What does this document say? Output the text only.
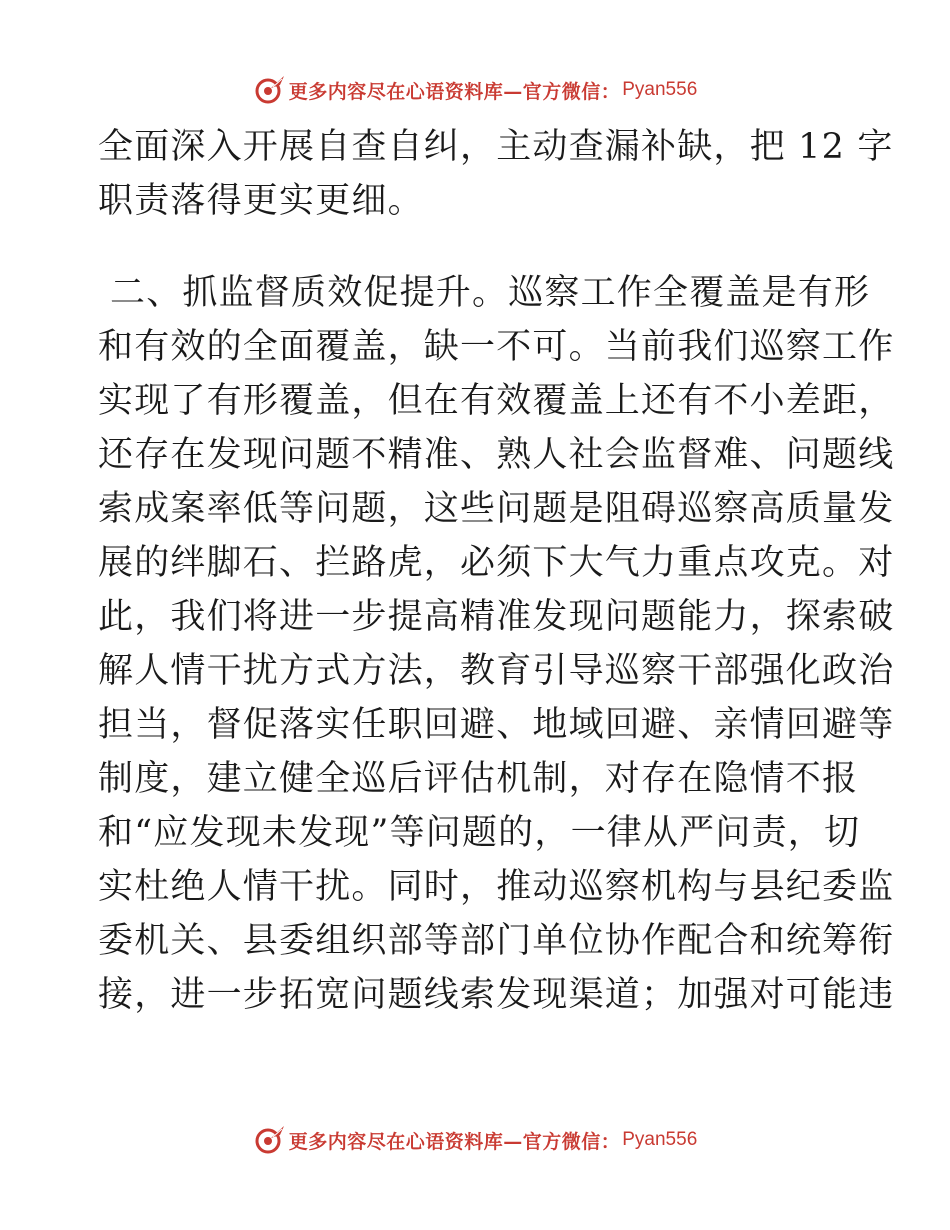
更多内容尽在心语资料库—官方微信： Pyan556
全面深入开展自查自纠，主动查漏补缺，把 12 字
职责落得更实更细。
二、抓监督质效促提升。巡察工作全覆盖是有形
和有效的全面覆盖，缺一不可。当前我们巡察工作
实现了有形覆盖，但在有效覆盖上还有不小差距，
还存在发现问题不精准、熟人社会监督难、问题线
索成案率低等问题，这些问题是阻碍巡察高质量发
展的绊脚石、拦路虎，必须下大气力重点攻克。对
此，我们将进一步提高精准发现问题能力，探索破
解人情干扰方式方法，教育引导巡察干部强化政治
担当，督促落实任职回避、地域回避、亲情回避等
制度，建立健全巡后评估机制，对存在隐情不报
和“应发现未发现”等问题的，一律从严问责，切
实杜绝人情干扰。同时，推动巡察机构与县纪委监
委机关、县委组织部等部门单位协作配合和统筹衔
接，进一步拓宽问题线索发现渠道；加强对可能违
更多内容尽在心语资料库—官方微信： Pyan556
